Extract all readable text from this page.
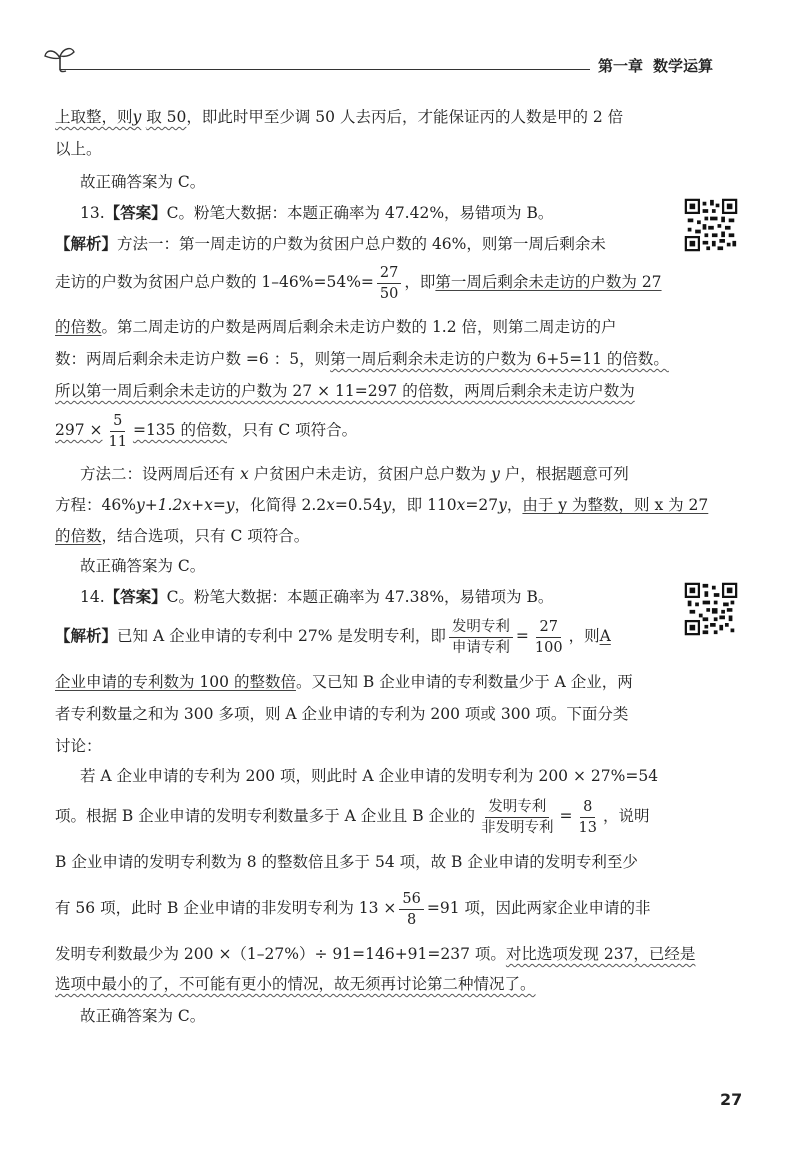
第一章 数学运算
上取整，则y 取 50，即此时甲至少调 50 人去丙后，才能保证丙的人数是甲的 2 倍
以上。
故正确答案为 C。
13.【答案】C。粉笔大数据：本题正确率为 47.42%，易错项为 B。
【解析】方法一：第一周走访的户数为贫困户总户数的 46%，则第一周后剩余未
走访的户数为贫困户总户数的 $1-46\%=54\%= \frac{27}{50}$ ，即第一周后剩余未走访的户数为 27
的倍数。第二周走访的户数是两周后剩余未走访户数的 1.2 倍，则第二周走访的户
数：两周后剩余未走访户数 =6 ：5，则第一周后剩余未走访的户数为 6+5=11 的倍数。
所以第一周后剩余未走访的户数为 27 × 11=297 的倍数，两周后剩余未走访户数为
$297 \times \frac{5}{11} =135$ 的倍数，只有 C 项符合。
方法二：设两周后还有 x 户贫困户未走访，贫困户总户数为 y 户，根据题意可列
方程：46%y+1.2x+x=y，化简得 2.2x=0.54y，即 110x=27y，由于 y 为整数，则 x 为 27
的倍数，结合选项，只有 C 项符合。
故正确答案为 C。
14.【答案】C。粉笔大数据：本题正确率为 47.38%，易错项为 B。
【解析】已知 A 企业申请的专利中 27% 是发明专利，即 $\frac{\text{发明专利}}{\text{申请专利}} = \frac{27}{100}$ ，则A
企业申请的专利数为 100 的整数倍。又已知 B 企业申请的专利数量少于 A 企业，两
者专利数量之和为 300 多项，则 A 企业申请的专利为 200 项或 300 项。下面分类
讨论：
若 A 企业申请的专利为 200 项，则此时 A 企业申请的发明专利为 200 × 27%=54
项。根据 B 企业申请的发明专利数量多于 A 企业且 B 企业的 $\frac{\text{发明专利}}{\text{非发明专利}} = \frac{8}{13}$ ，说明
B 企业申请的发明专利数为 8 的整数倍且多于 54 项，故 B 企业申请的发明专利至少
有 56 项，此时 B 企业申请的非发明专利为 $13 \times \frac{56}{8} =91$ 项，因此两家企业申请的非
发明专利数最少为 200 ×（1–27%）÷ 91=146+91=237 项。对比选项发现 237，已经是
选项中最小的了，不可能有更小的情况，故无须再讨论第二种情况了。
故正确答案为 C。
27
